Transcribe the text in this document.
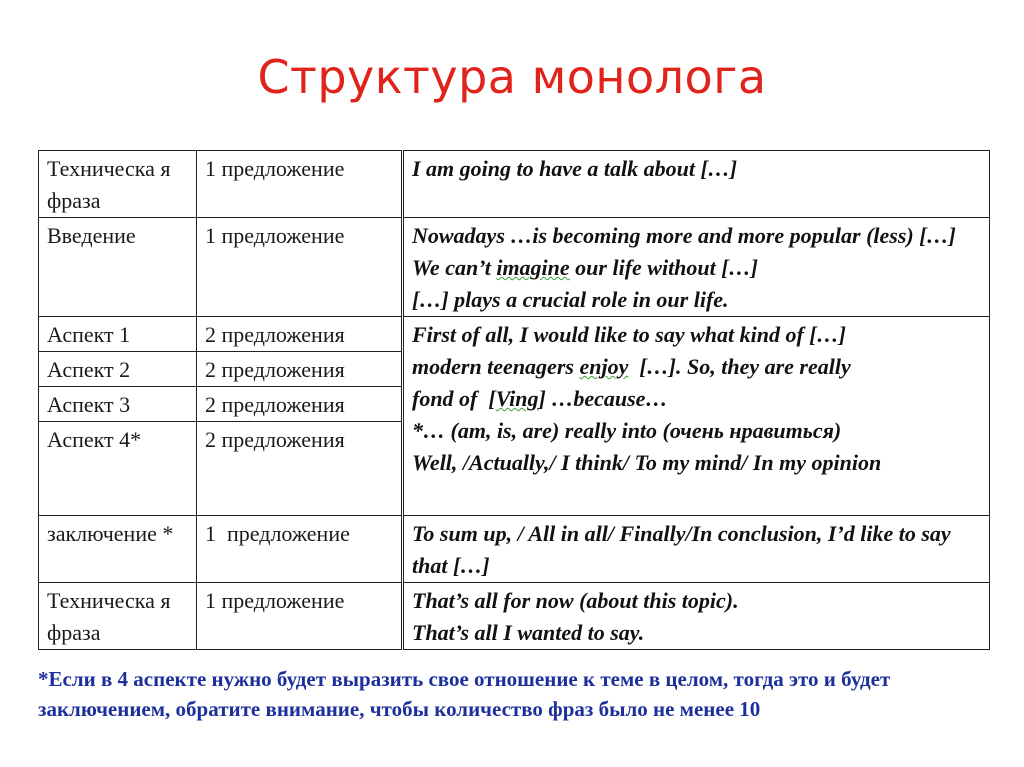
Структура монолога
Техническа я фраза	1 предложение	I am going to have a talk about […]
Введение	1 предложение	Nowadays …is becoming more and more popular (less) […]
We can’t imagine our life without […]
[…] plays a crucial role in our life.

Аспект 1	2 предложения	First of all, I would like to say what kind of […]
modern teenagers enjoy  […]. So, they are really
fond of  [Ving] …because…
*… (am, is, are) really into (очень нравиться)
Well, /Actually,/ I think/ To my mind/ In my opinion

Аспект 2	2 предложения	
Аспект 3	2 предложения	
Аспект 4*	2 предложения	
заключение *	1  предложение	To sum up, / All in all/ Finally/In conclusion, I’d like to say that […]
Техническа я фраза	1 предложение	That’s all for now (about this topic).
That’s all I wanted to say.
*Если в 4 аспекте нужно будет выразить свое отношение к теме в целом, тогда это и будет заключением, обратите внимание, чтобы количество фраз было не менее 10
